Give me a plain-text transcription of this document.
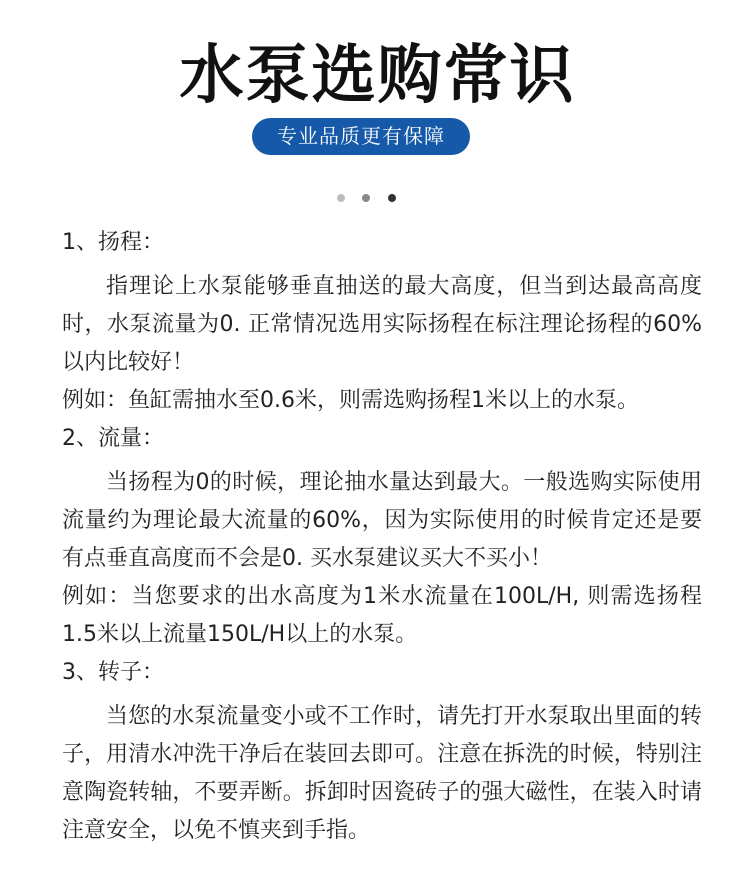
水泵选购常识
专业品质更有保障
1、扬程：
指理论上水泵能够垂直抽送的最大高度，但当到达最高高度时，水泵流量为0. 正常情况选用实际扬程在标注理论扬程的60%以内比较好！
例如：鱼缸需抽水至0.6米，则需选购扬程1米以上的水泵。
2、流量：
当扬程为0的时候，理论抽水量达到最大。一般选购实际使用流量约为理论最大流量的60%，因为实际使用的时候肯定还是要有点垂直高度而不会是0. 买水泵建议买大不买小！
例如：当您要求的出水高度为1米水流量在100L/H, 则需选扬程1.5米以上流量150L/H以上的水泵。
3、转子：
当您的水泵流量变小或不工作时，请先打开水泵取出里面的转子，用清水冲洗干净后在装回去即可。注意在拆洗的时候，特别注意陶瓷转轴，不要弄断。拆卸时因瓷砖子的强大磁性，在装入时请注意安全，以免不慎夹到手指。
